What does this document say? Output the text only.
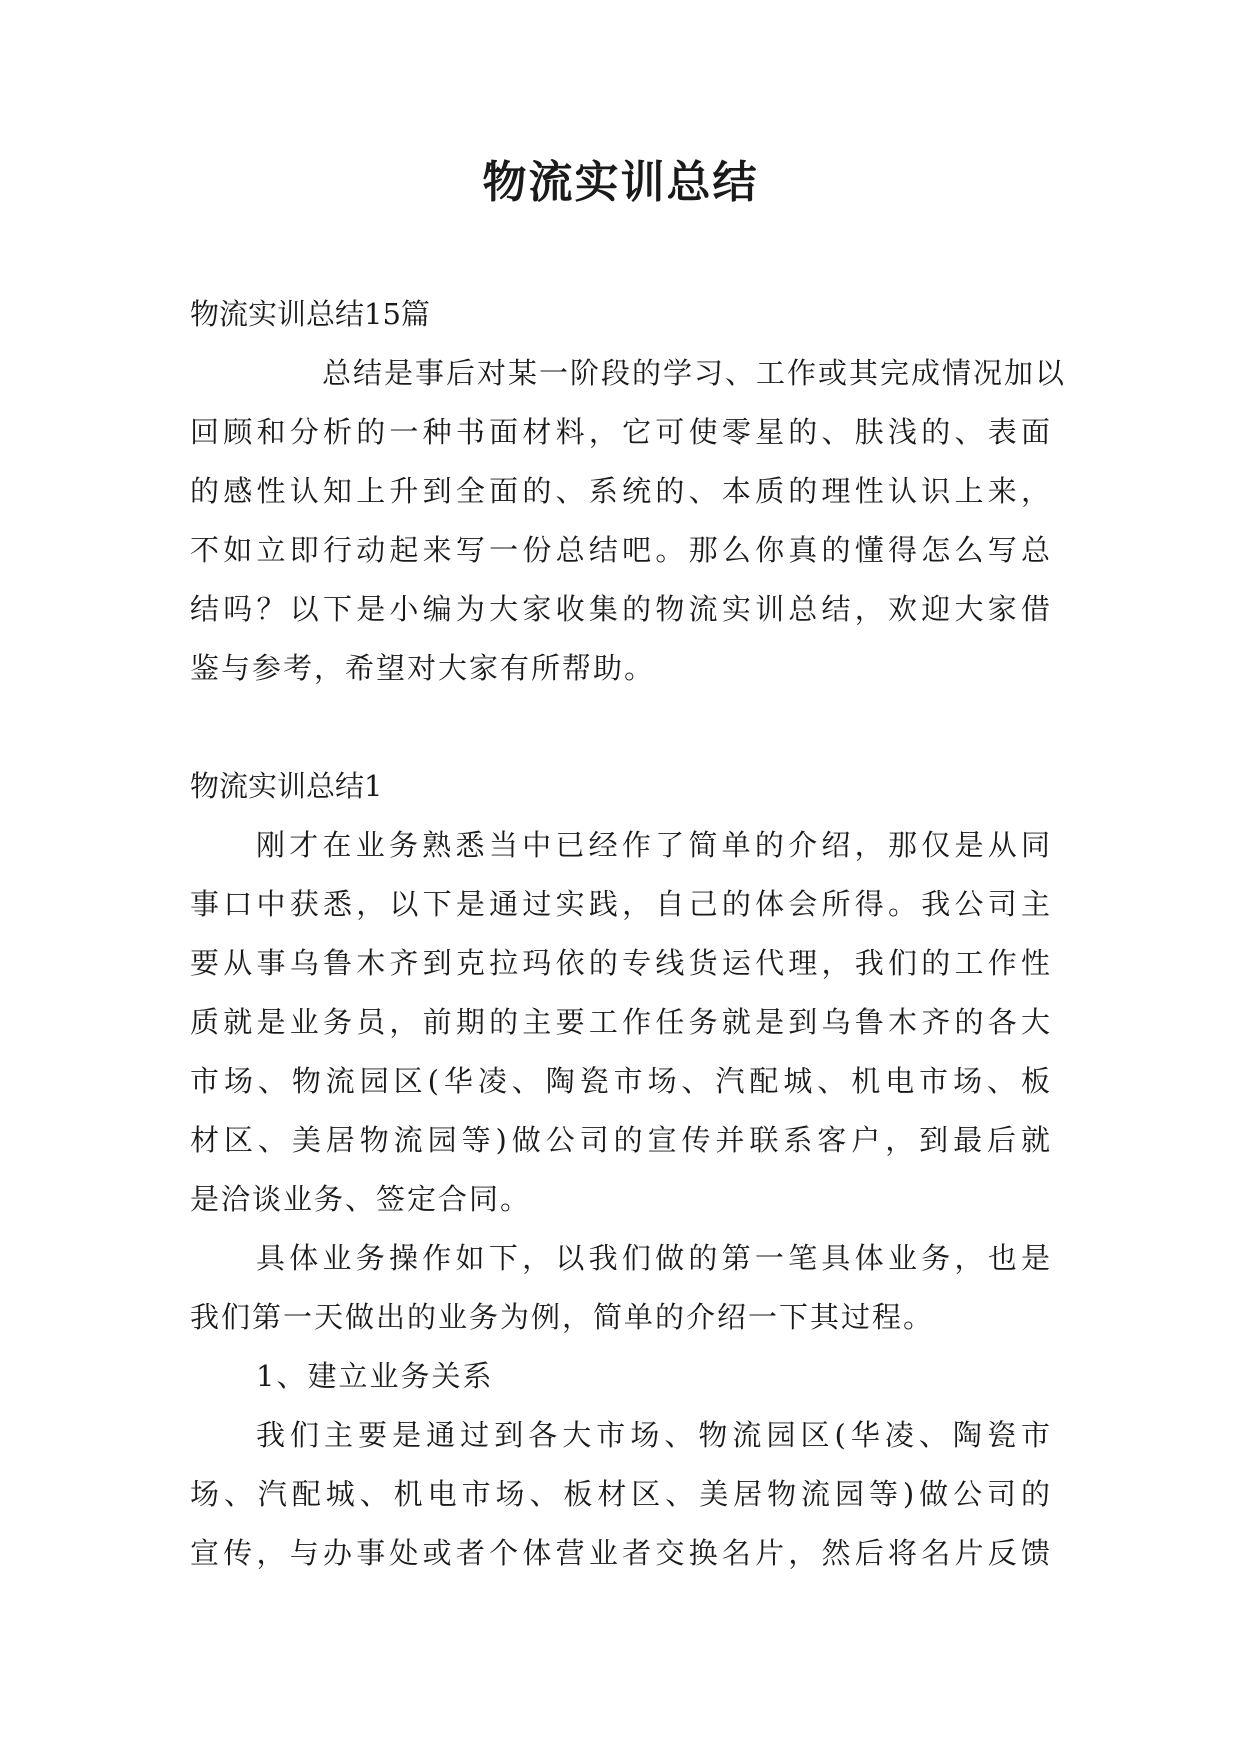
物流实训总结
物流实训总结15篇
总结是事后对某一阶段的学习、工作或其完成情况加以
回顾和分析的一种书面材料，它可使零星的、肤浅的、表面
的感性认知上升到全面的、系统的、本质的理性认识上来，
不如立即行动起来写一份总结吧。那么你真的懂得怎么写总
结吗？以下是小编为大家收集的物流实训总结，欢迎大家借
鉴与参考，希望对大家有所帮助。
物流实训总结1
刚才在业务熟悉当中已经作了简单的介绍，那仅是从同
事口中获悉，以下是通过实践，自己的体会所得。我公司主
要从事乌鲁木齐到克拉玛依的专线货运代理，我们的工作性
质就是业务员，前期的主要工作任务就是到乌鲁木齐的各大
市场、物流园区(华凌、陶瓷市场、汽配城、机电市场、板
材区、美居物流园等)做公司的宣传并联系客户，到最后就
是洽谈业务、签定合同。
具体业务操作如下，以我们做的第一笔具体业务，也是
我们第一天做出的业务为例，简单的介绍一下其过程。
1、建立业务关系
我们主要是通过到各大市场、物流园区(华凌、陶瓷市
场、汽配城、机电市场、板材区、美居物流园等)做公司的
宣传，与办事处或者个体营业者交换名片，然后将名片反馈
